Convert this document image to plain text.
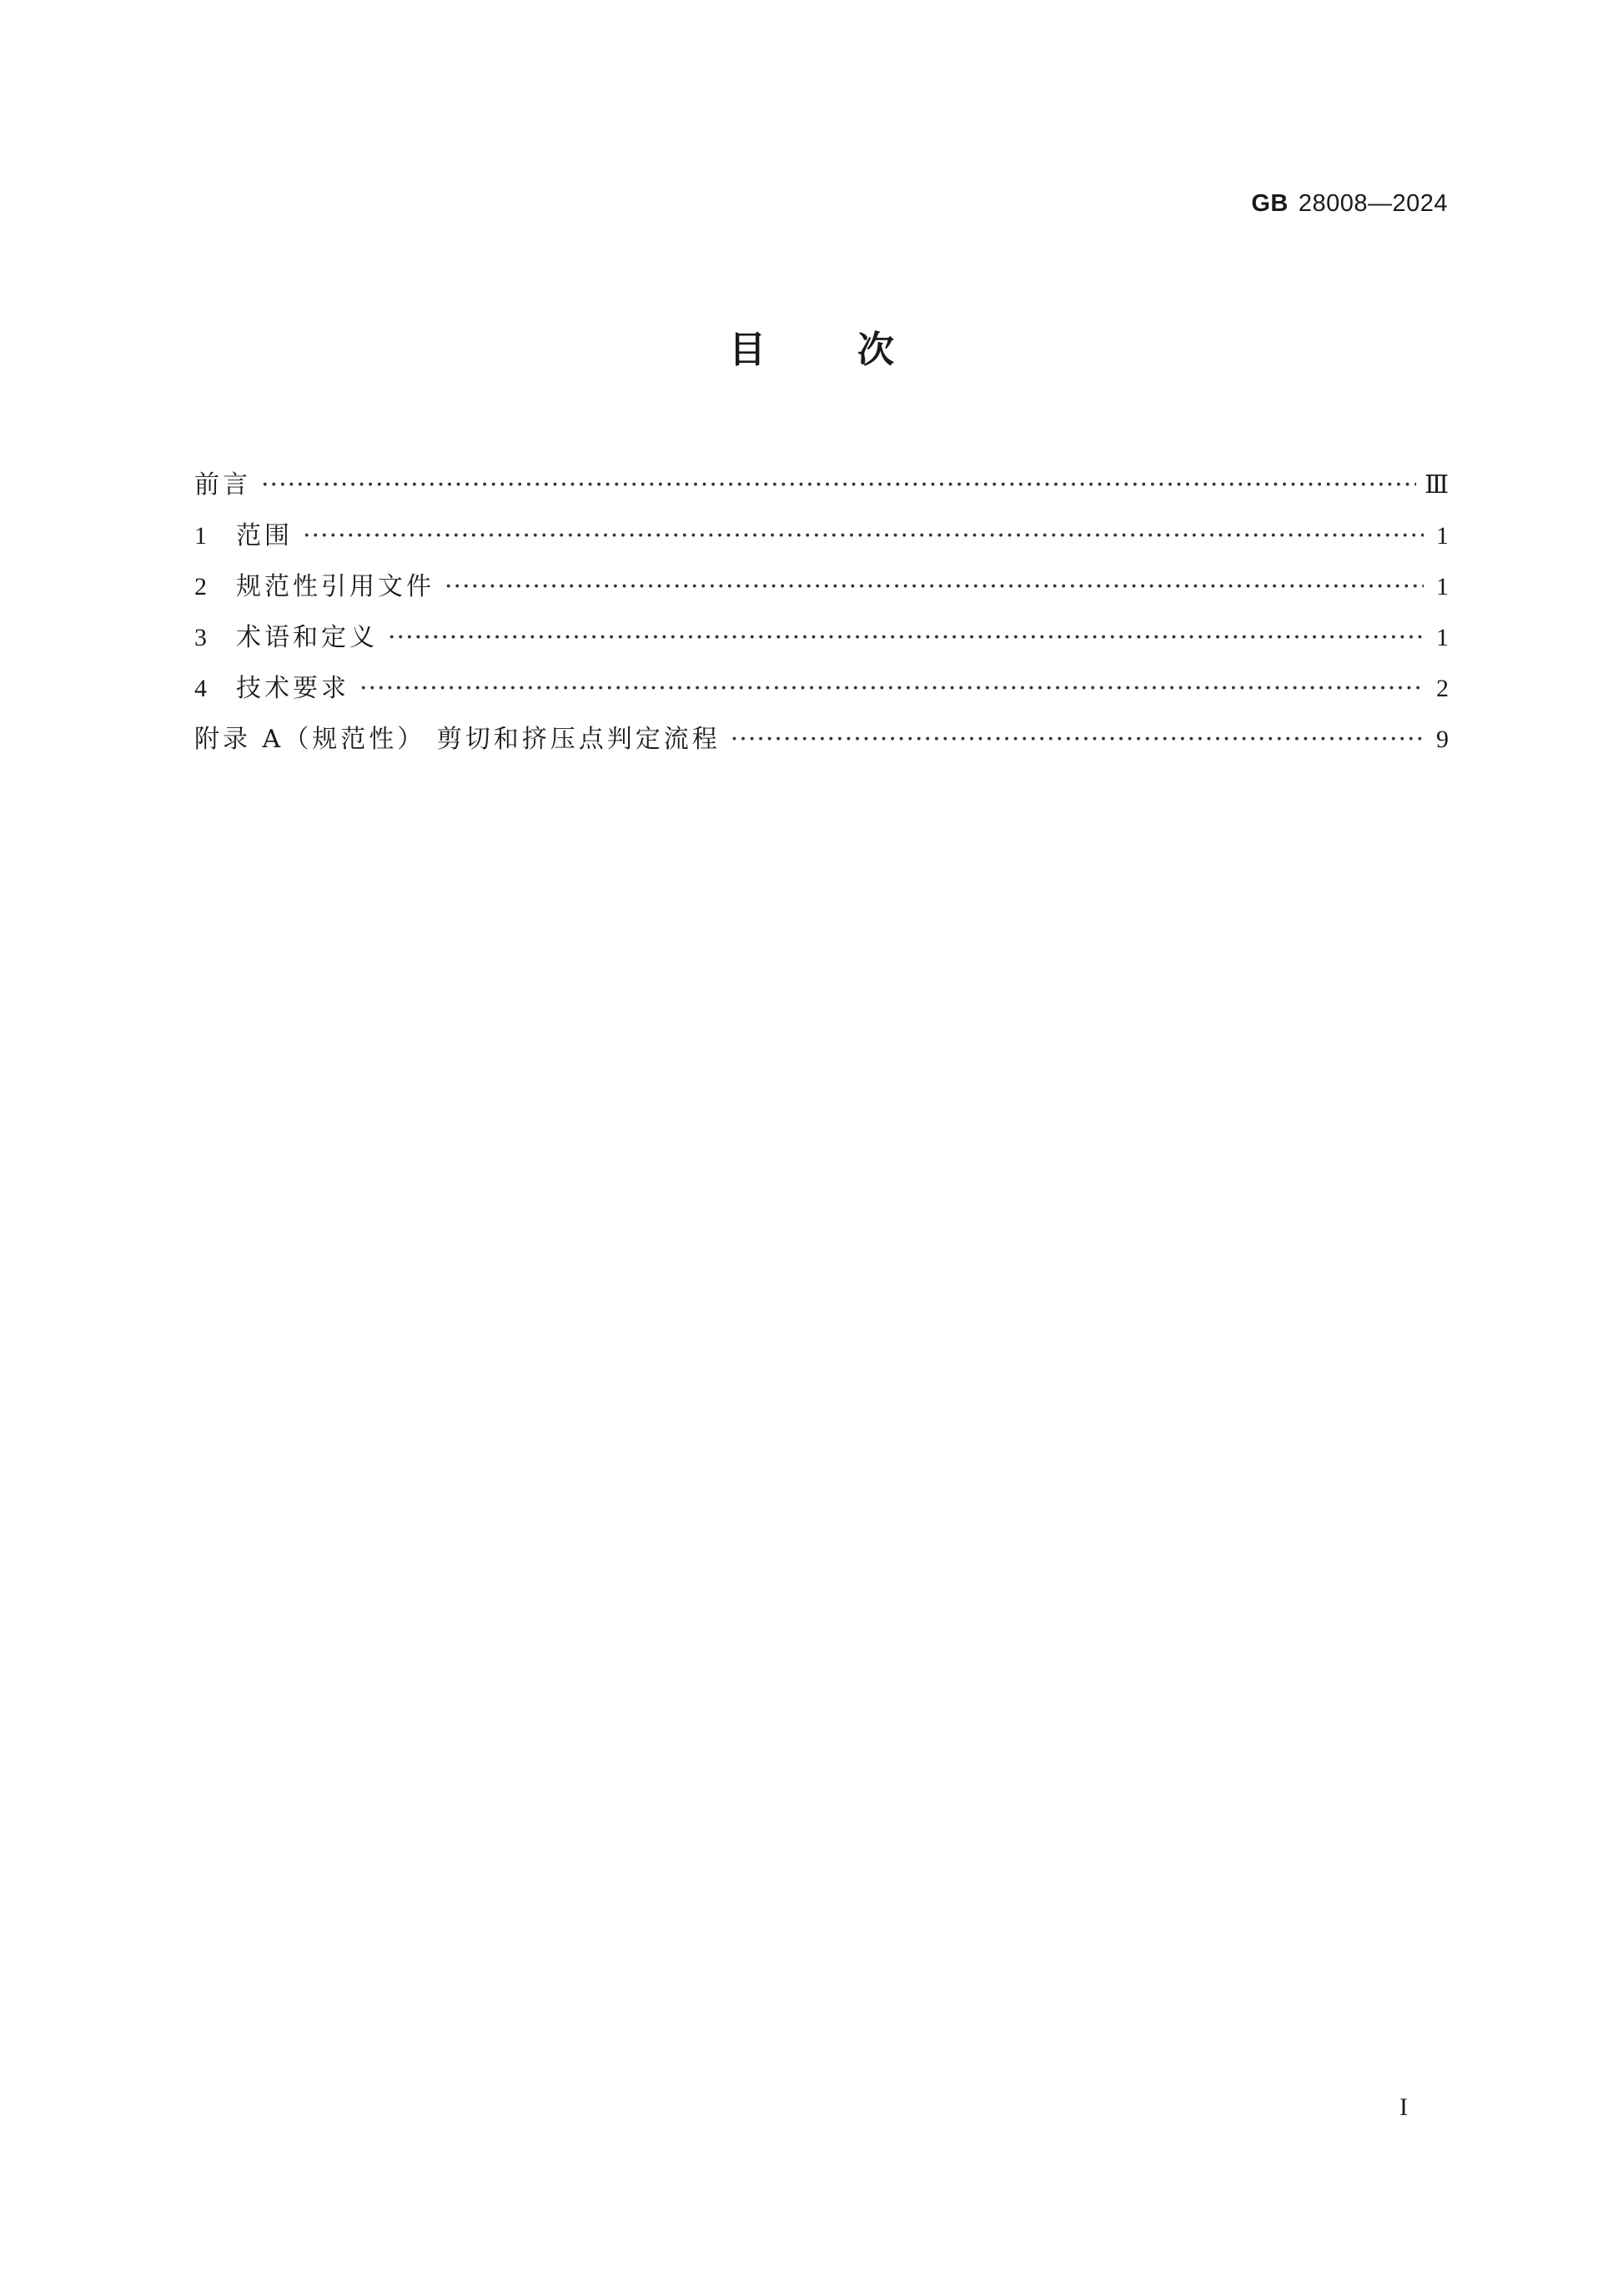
GB 28008—2024
目	次
前言 ·····	Ⅲ
1	范围 ·····	1
2	规范性引用文件 ·····	1
3	术语和定义 ·····	1
4	技术要求 ·····	2
附录 A（规范性） 剪切和挤压点判定流程 ·····	9
I
